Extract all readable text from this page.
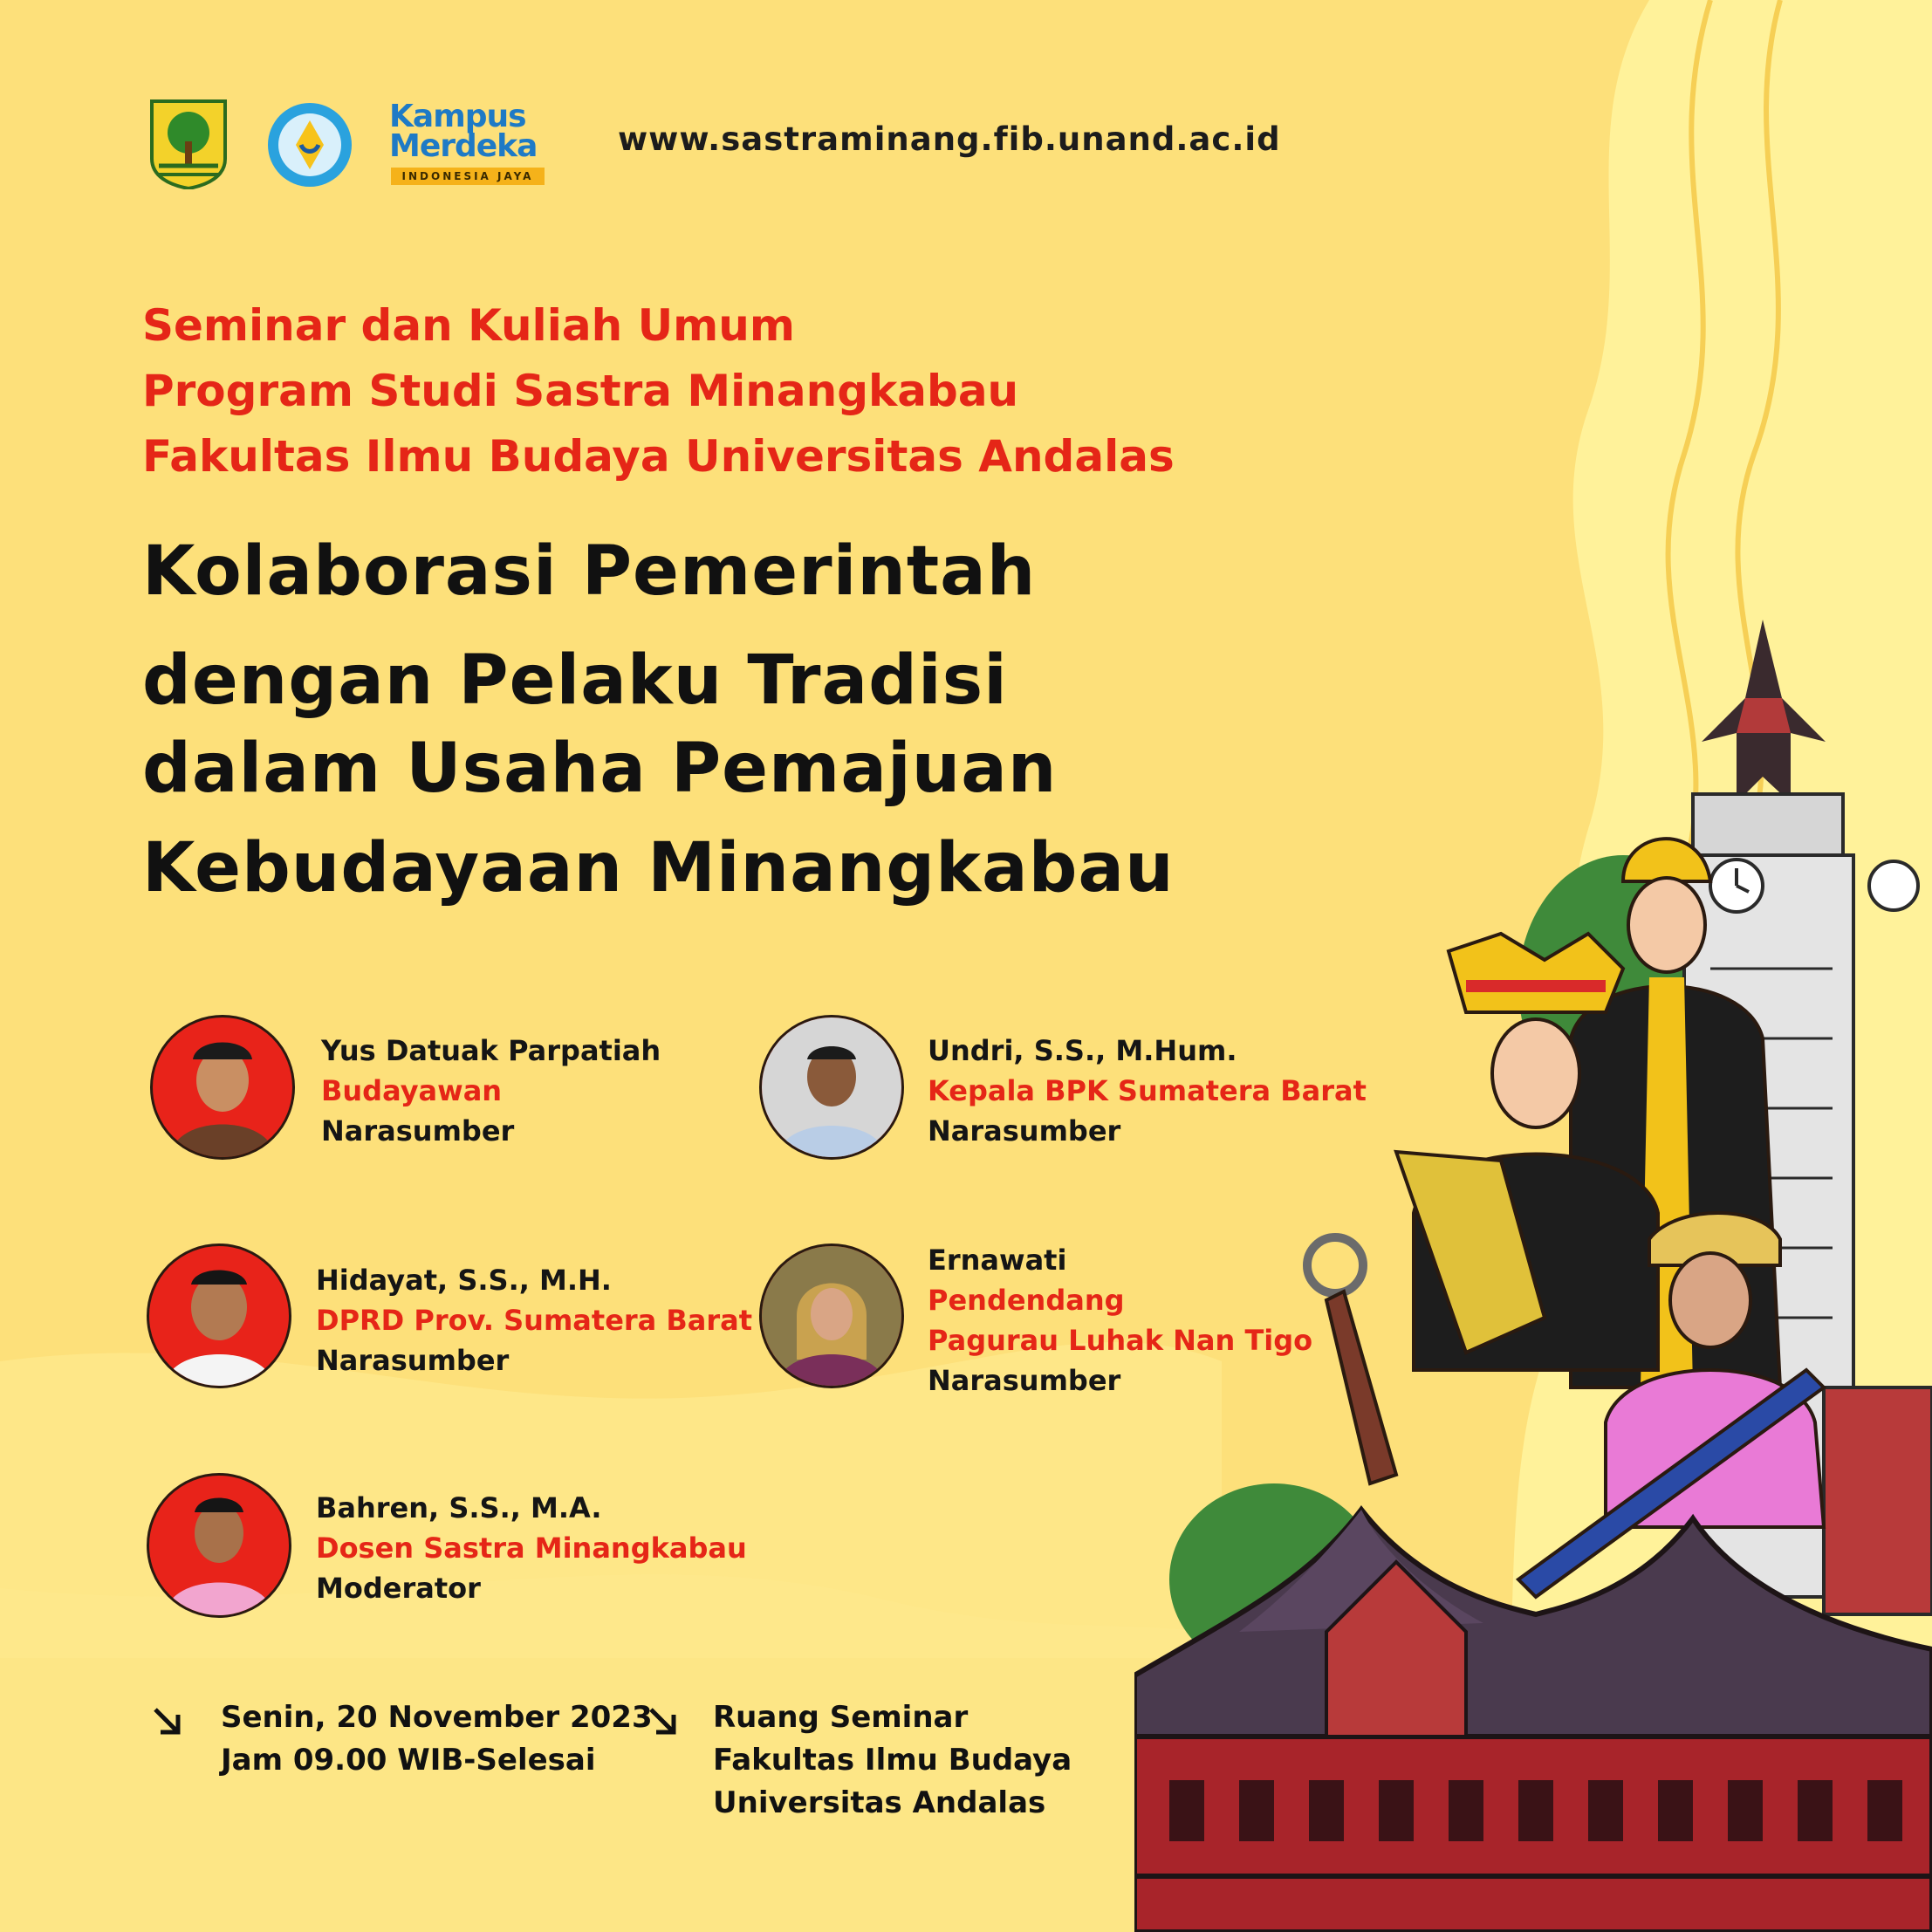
Kampus
Merdeka
INDONESIA JAYA
www.sastraminang.fib.unand.ac.id
Seminar dan Kuliah Umum
Program Studi Sastra Minangkabau
Fakultas Ilmu Budaya Universitas Andalas
Kolaborasi Pemerintah
dengan Pelaku Tradisi
dalam Usaha Pemajuan
Kebudayaan Minangkabau
Yus Datuak Parpatiah
Budayawan
Narasumber
Undri, S.S., M.Hum.
Kepala BPK Sumatera Barat
Narasumber
Hidayat, S.S., M.H.
DPRD Prov. Sumatera Barat
Narasumber
Ernawati
Pendendang
Pagurau Luhak Nan Tigo
Narasumber
Bahren, S.S., M.A.
Dosen Sastra Minangkabau
Moderator
Senin, 20 November 2023
Jam 09.00 WIB-Selesai
Ruang Seminar
Fakultas Ilmu Budaya
Universitas Andalas
